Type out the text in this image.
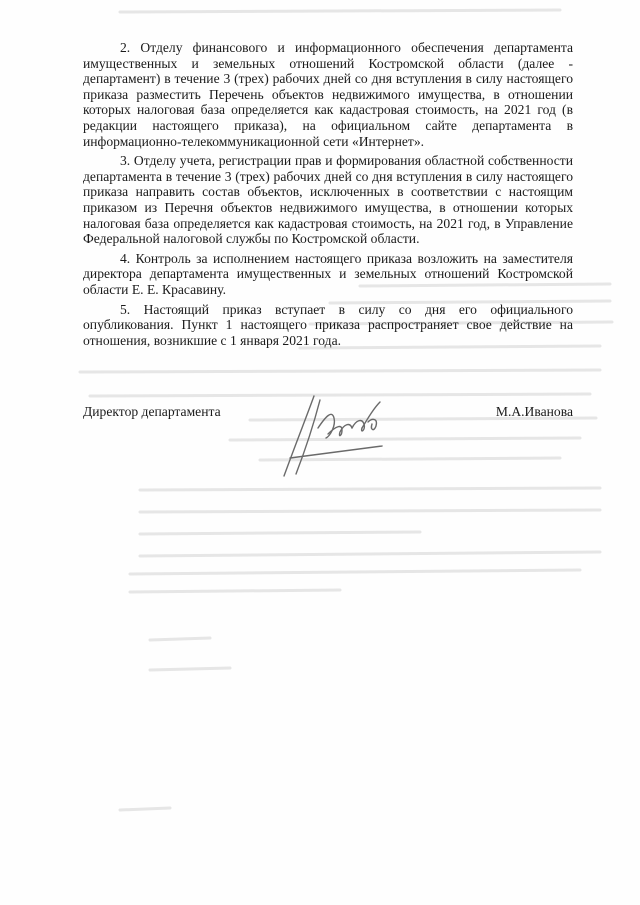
2. Отделу финансового и информационного обеспечения департамента имущественных и земельных отношений Костромской области (далее - департамент) в течение 3 (трех) рабочих дней со дня вступления в силу настоящего приказа разместить Перечень объектов недвижимого имущества, в отношении которых налоговая база определяется как кадастровая стоимость, на 2021 год (в редакции настоящего приказа), на официальном сайте департамента в информационно-телекоммуникационной сети «Интернет».

3. Отделу учета, регистрации прав и формирования областной собственности департамента в течение 3 (трех) рабочих дней со дня вступления в силу настоящего приказа направить состав объектов, исключенных в соответствии с настоящим приказом из Перечня объектов недвижимого имущества, в отношении которых налоговая база определяется как кадастровая стоимость, на 2021 год, в Управление Федеральной налоговой службы по Костромской области.

4. Контроль за исполнением настоящего приказа возложить на заместителя директора департамента имущественных и земельных отношений Костромской области Е. Е. Красавину.

5. Настоящий приказ вступает в силу со дня его официального опубликования. Пункт 1 настоящего приказа распространяет свое действие на отношения, возникшие с 1 января 2021 года.

Директор департамента	М.А.Иванова
